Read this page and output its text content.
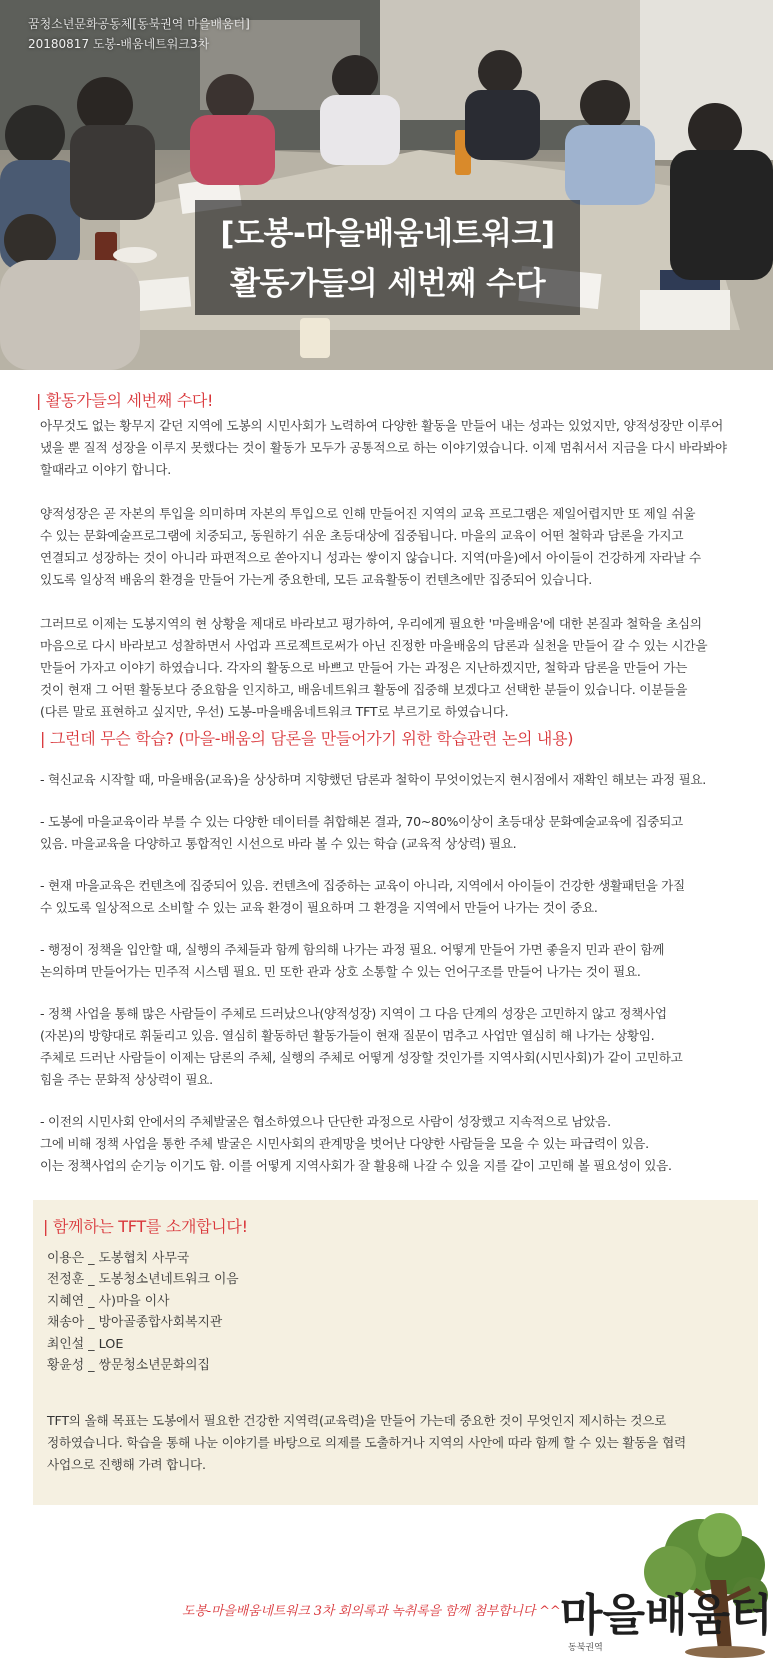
꿈청소년문화공동체[동북권역 마을배움터]
20180817 도봉-배움네트워크3차
[도봉-마을배움네트워크]
활동가들의 세번째 수다
| 활동가들의 세번째 수다!

아무것도 없는 황무지 같던 지역에 도봉의 시민사회가 노력하여 다양한 활동을 만들어 내는 성과는 있었지만, 양적성장만 이루어
냈을 뿐 질적 성장을 이루지 못했다는 것이 활동가 모두가 공통적으로 하는 이야기였습니다. 이제 멈춰서서 지금을 다시 바라봐야
할때라고 이야기 합니다.

양적성장은 곧 자본의 투입을 의미하며 자본의 투입으로 인해 만들어진 지역의 교육 프로그램은 제일어렵지만 또 제일 쉬울
수 있는 문화예술프로그램에 치중되고, 동원하기 쉬운 초등대상에 집중됩니다. 마을의 교육이 어떤 철학과 담론을 가지고
연결되고 성장하는 것이 아니라 파편적으로 쏟아지니 성과는 쌓이지 않습니다. 지역(마을)에서 아이들이 건강하게 자라날 수
있도록 일상적 배움의 환경을 만들어 가는게 중요한데, 모든 교육활동이 컨텐츠에만 집중되어 있습니다.

그러므로 이제는 도봉지역의 현 상황을 제대로 바라보고 평가하여, 우리에게 필요한 '마을배움'에 대한 본질과 철학을 초심의
마음으로 다시 바라보고 성찰하면서 사업과 프로젝트로써가 아닌 진정한 마을배움의 담론과 실천을 만들어 갈 수 있는 시간을
만들어 가자고 이야기 하였습니다. 각자의 활동으로 바쁘고 만들어 가는 과정은 지난하겠지만, 철학과 담론을 만들어 가는
것이 현재 그 어떤 활동보다 중요함을 인지하고, 배움네트워크 활동에 집중해 보겠다고 선택한 분들이 있습니다. 이분들을
(다른 말로 표현하고 싶지만, 우선) 도봉-마을배움네트워크 TFT로 부르기로 하였습니다.

| 그런데 무슨 학습? (마을-배움의 담론을 만들어가기 위한 학습관련 논의 내용)
- 혁신교육 시작할 때, 마을배움(교육)을 상상하며 지향했던 담론과 철학이 무엇이었는지 현시점에서 재확인 해보는 과정 필요.
- 도봉에 마을교육이라 부를 수 있는 다양한 데이터를 취합해본 결과, 70~80%이상이 초등대상 문화예술교육에 집중되고
있음. 마을교육을 다양하고 통합적인 시선으로 바라 볼 수 있는 학습 (교육적 상상력) 필요.
- 현재 마을교육은 컨텐츠에 집중되어 있음. 컨텐츠에 집중하는 교육이 아니라, 지역에서 아이들이 건강한 생활패턴을 가질
수 있도록 일상적으로 소비할 수 있는 교육 환경이 필요하며 그 환경을 지역에서 만들어 나가는 것이 중요.
- 행정이 정책을 입안할 때, 실행의 주체들과 함께 함의해 나가는 과정 필요. 어떻게 만들어 가면 좋을지 민과 관이 함께
논의하며 만들어가는 민주적 시스템 필요. 민 또한 관과 상호 소통할 수 있는 언어구조를 만들어 나가는 것이 필요.
- 정책 사업을 통해 많은 사람들이 주체로 드러났으나(양적성장) 지역이 그 다음 단계의 성장은 고민하지 않고 정책사업
(자본)의 방향대로 휘둘리고 있음. 열심히 활동하던 활동가들이 현재 질문이 멈추고 사업만 열심히 해 나가는 상황임.
주체로 드러난 사람들이 이제는 담론의 주체, 실행의 주체로 어떻게 성장할 것인가를 지역사회(시민사회)가 같이 고민하고
힘을 주는 문화적 상상력이 필요.
- 이전의 시민사회 안에서의 주체발굴은 협소하였으나 단단한 과정으로 사람이 성장했고 지속적으로 남았음.
그에 비해 정책 사업을 통한 주체 발굴은 시민사회의 관계망을 벗어난 다양한 사람들을 모을 수 있는 파급력이 있음.
이는 정책사업의 순기능 이기도 함. 이를 어떻게 지역사회가 잘 활용해 나갈 수 있을 지를 같이 고민해 볼 필요성이 있음.
| 함께하는 TFT를 소개합니다!
이용은 _ 도봉협치 사무국
전정훈 _ 도봉청소년네트워크 이음
지혜연 _ 사)마을 이사
채송아 _ 방아골종합사회복지관
최인설 _ LOE
황윤성 _ 쌍문청소년문화의집
TFT의 올해 목표는 도봉에서 필요한 건강한 지역력(교육력)을 만들어 가는데 중요한 것이 무엇인지 제시하는 것으로
정하였습니다. 학습을 통해 나눈 이야기를 바탕으로 의제를 도출하거나 지역의 사안에 따라 함께 할 수 있는 활동을 협력
사업으로 진행해 가려 합니다.
도봉-마을배움네트워크 3차 회의록과 녹취록을 함께 첨부합니다 ^^ 마을배움터
동북권역
